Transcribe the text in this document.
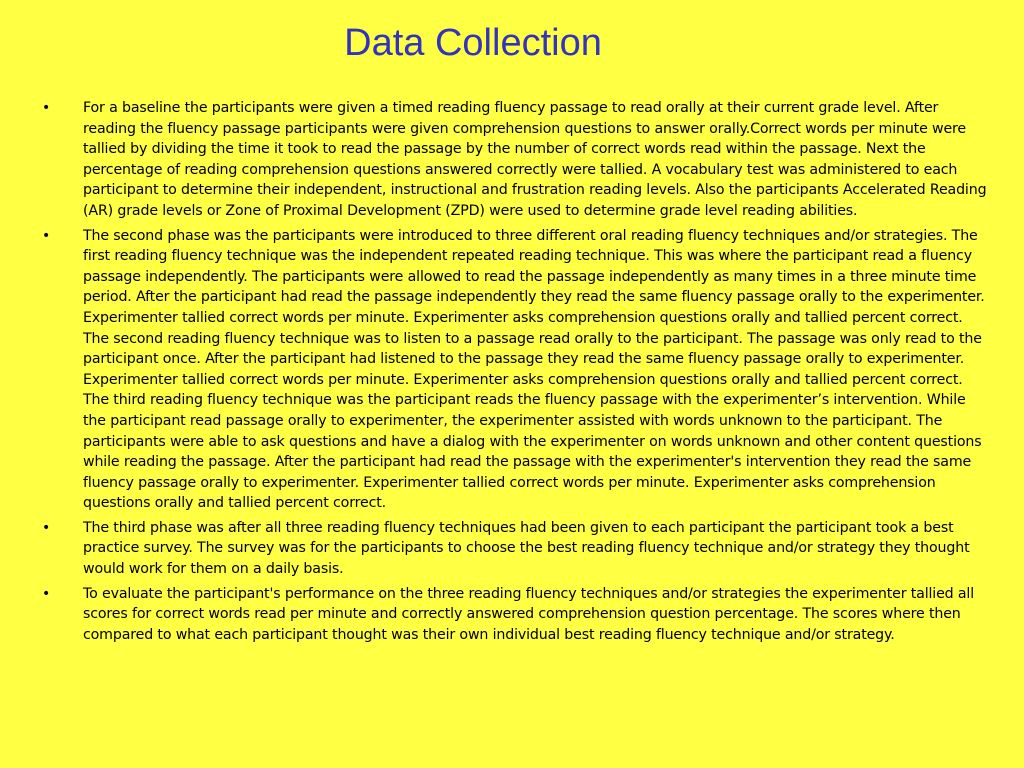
Data Collection
• For a baseline the participants were given a timed reading fluency passage to read orally at their current grade level. After reading the fluency passage participants were given comprehension questions to answer orally.Correct words per minute were tallied by dividing the time it took to read the passage by the number of correct words read within the passage. Next the percentage of reading comprehension questions answered correctly were tallied. A vocabulary test was administered to each participant to determine their independent, instructional and frustration reading levels. Also the participants Accelerated Reading (AR) grade levels or Zone of Proximal Development (ZPD) were used to determine grade level reading abilities.
• The second phase was the participants were introduced to three different oral reading fluency techniques and/or strategies. The first reading fluency technique was the independent repeated reading technique. This was where the participant read a fluency passage independently. The participants were allowed to read the passage independently as many times in a three minute time period. After the participant had read the passage independently they read the same fluency passage orally to the experimenter. Experimenter tallied correct words per minute. Experimenter asks comprehension questions orally and tallied percent correct. The second reading fluency technique was to listen to a passage read orally to the participant. The passage was only read to the participant once. After the participant had listened to the passage they read the same fluency passage orally to experimenter. Experimenter tallied correct words per minute. Experimenter asks comprehension questions orally and tallied percent correct. The third reading fluency technique was the participant reads the fluency passage with the experimenter’s intervention. While the participant read passage orally to experimenter, the experimenter assisted with words unknown to the participant. The participants were able to ask questions and have a dialog with the experimenter on words unknown and other content questions while reading the passage. After the participant had read the passage with the experimenter's intervention they read the same fluency passage orally to experimenter. Experimenter tallied correct words per minute. Experimenter asks comprehension questions orally and tallied percent correct.
• The third phase was after all three reading fluency techniques had been given to each participant the participant took a best practice survey. The survey was for the participants to choose the best reading fluency technique and/or strategy they thought would work for them on a daily basis.
• To evaluate the participant's performance on the three reading fluency techniques and/or strategies the experimenter tallied all scores for correct words read per minute and correctly answered comprehension question percentage. The scores where then compared to what each participant thought was their own individual best reading fluency technique and/or strategy.
